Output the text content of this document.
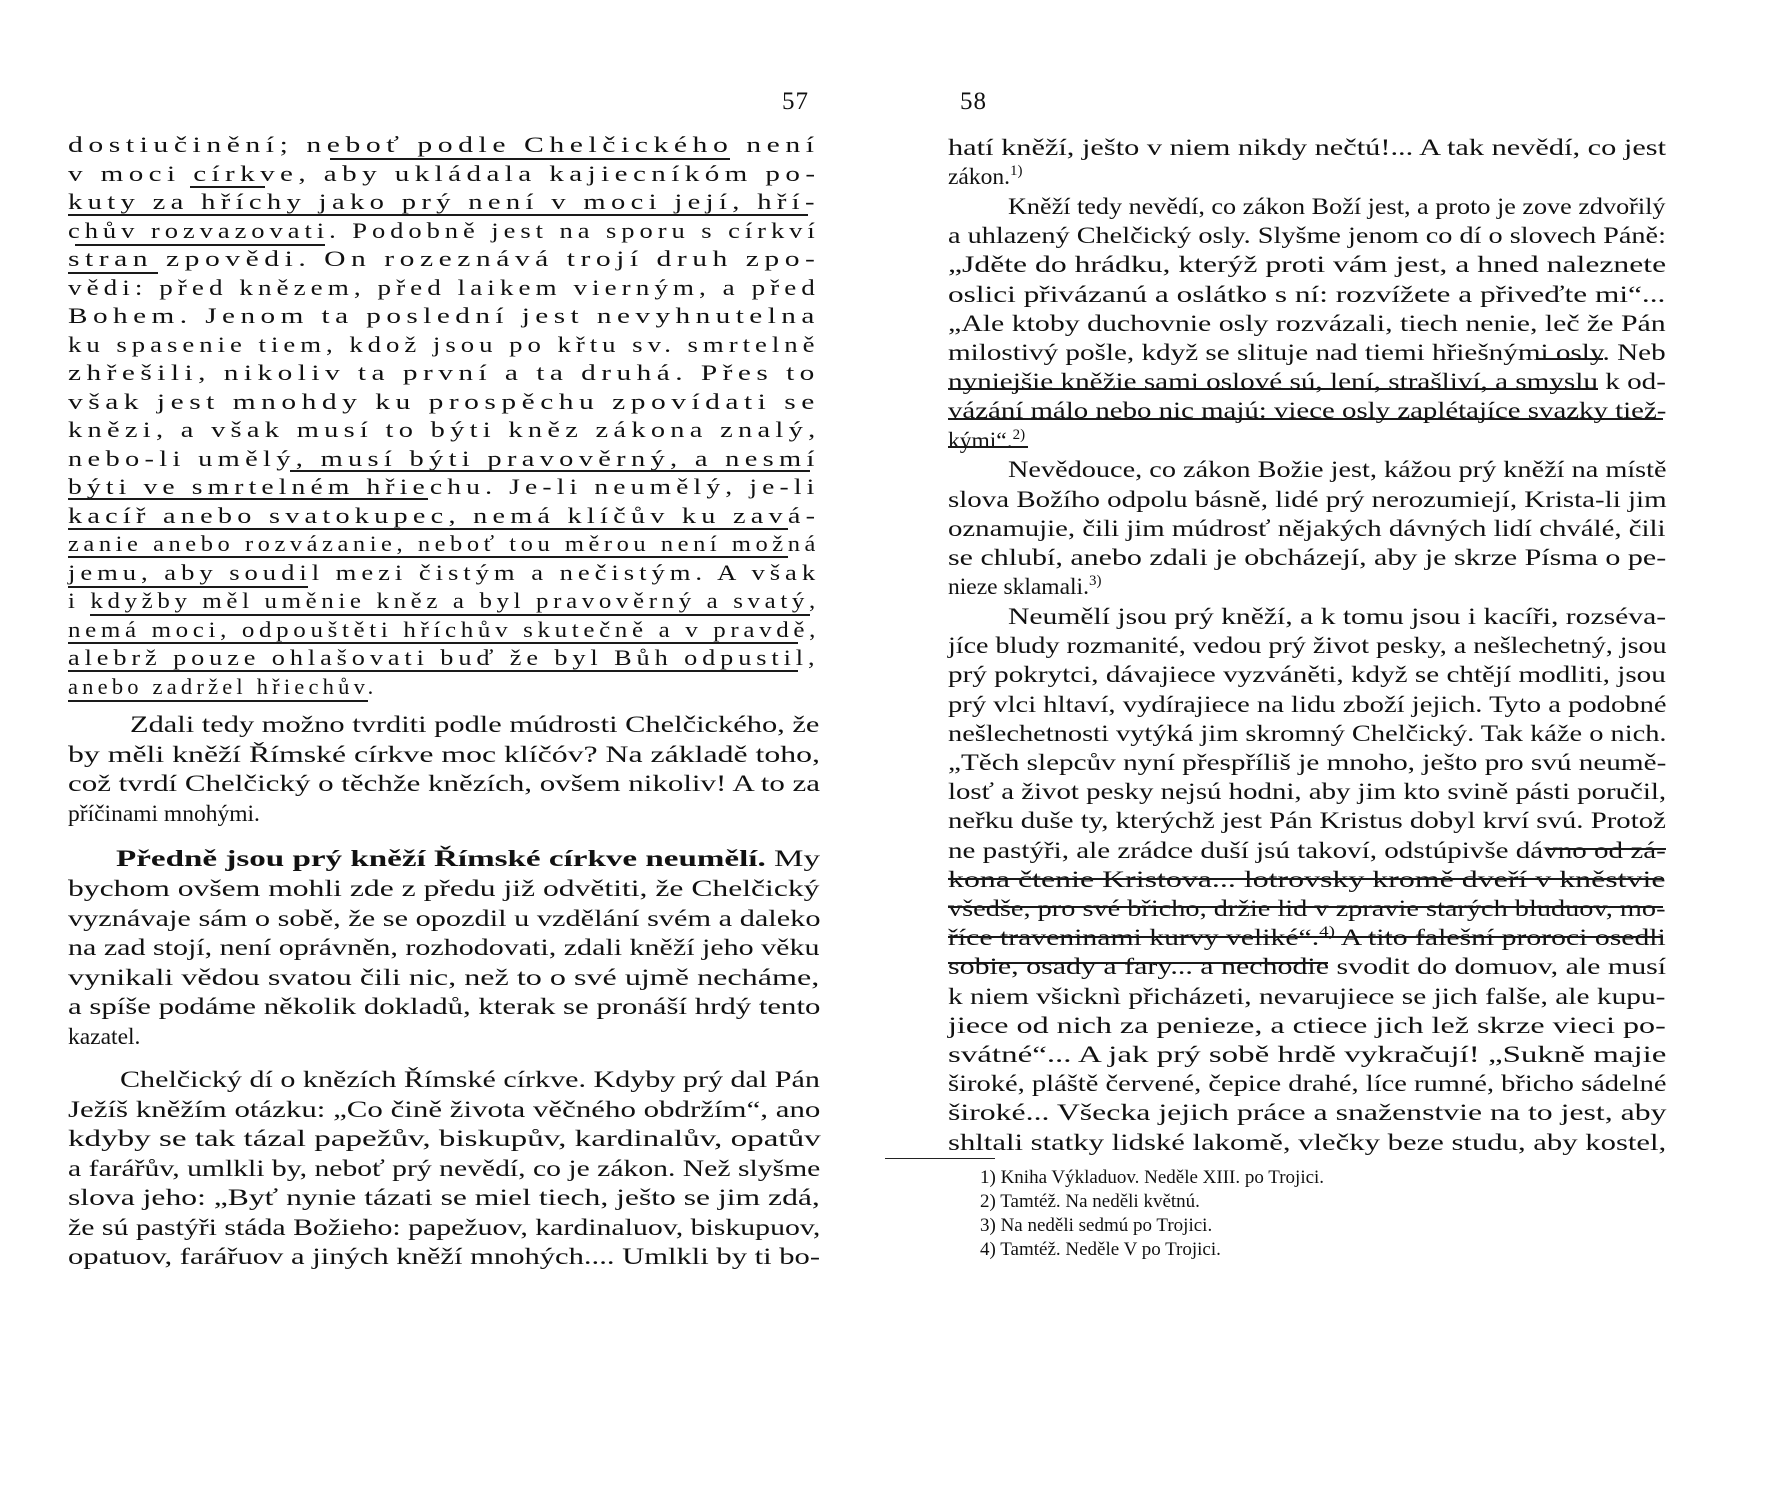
57
dostiučinění; neboť podle Chelčického není
v moci církve, aby ukládala kajiecníkóm po-
kuty za hříchy jako prý není v moci její, hří-
chův rozvazovati. Podobně jest na sporu s církví
stran zpovědi. On rozeznává trojí druh zpo-
vědi: před knězem, před laikem vierným, a před
Bohem. Jenom ta poslední jest nevyhnutelna
ku spasenie tiem, kdož jsou po křtu sv. smrtelně
zhřešili, nikoliv ta první a ta druhá. Přes to
však jest mnohdy ku prospěchu zpovídati se
knězi, a však musí to býti kněz zákona znalý,
nebo-li umělý, musí býti pravověrný, a nesmí
býti ve smrtelném hřiechu. Je-li neumělý, je-li
kacíř anebo svatokupec, nemá klíčův ku zavá-
zanie anebo rozvázanie, neboť tou měrou není možná
jemu, aby soudil mezi čistým a nečistým. A však
i kdyžby měl uměnie kněz a byl pravověrný a svatý,
nemá moci, odpouštěti hříchův skutečně a v pravdě,
alebrž pouze ohlašovati buď že byl Bůh odpustil,
anebo zadržel hřiechův.
Zdali tedy možno tvrditi podle múdrosti Chelčického, že
by měli kněží Římské církve moc klíčóv? Na základě toho,
což tvrdí Chelčický o těchže knězích, ovšem nikoliv! A to za
příčinami mnohými.
Předně jsou prý kněží Římské církve neumělí. My
bychom ovšem mohli zde z předu již odvětiti, že Chelčický
vyznávaje sám o sobě, že se opozdil u vzdělání svém a daleko
na zad stojí, není oprávněn, rozhodovati, zdali kněží jeho věku
vynikali vědou svatou čili nic, než to o své ujmě necháme,
a spíše podáme několik dokladů, kterak se pronáší hrdý tento
kazatel.
Chelčický dí o knězích Římské církve. Kdyby prý dal Pán
Ježíš kněžím otázku: „Co čině života věčného obdržím“, ano
kdyby se tak tázal papežův, biskupův, kardinalův, opatův
a farářův, umlkli by, neboť prý nevědí, co je zákon. Než slyšme
slova jeho: „Byť nynie tázati se miel tiech, ješto se jim zdá,
že sú pastýři stáda Božieho: papežuov, kardinaluov, biskupuov,
opatuov, farářuov a jiných kněží mnohých.... Umlkli by ti bo-
58
hatí kněží, ješto v niem nikdy nečtú!... A tak nevědí, co jest
zákon.$^{1)}$
Kněží tedy nevědí, co zákon Boží jest, a proto je zove zdvořilý
a uhlazený Chelčický osly. Slyšme jenom co dí o slovech Páně:
„Jděte do hrádku, kterýž proti vám jest, a hned naleznete
oslici přivázanú a oslátko s ní: rozvížete a přiveďte mi“...
„Ale ktoby duchovnie osly rozvázali, tiech nenie, leč že Pán
milostivý pošle, když se slituje nad tiemi hřiešnými osly. Neb
nyniejšie kněžie sami oslové sú, lení, strašliví, a smyslu k od-
vázání málo nebo nic majú: viece osly zaplétajíce svazky tiež-
kými“.$^{2)}$
Nevědouce, co zákon Božie jest, kážou prý kněží na místě
slova Božího odpolu básně, lidé prý nerozumiejí, Krista-li jim
oznamujie, čili jim múdrosť nějakých dávných lidí chválé, čili
se chlubí, anebo zdali je obcházejí, aby je skrze Písma o pe-
nieze sklamali.$^{3)}$
Neumělí jsou prý kněží, a k tomu jsou i kacíři, rozséva-
jíce bludy rozmanité, vedou prý život pesky, a nešlechetný, jsou
prý pokrytci, dávajiece vyzváněti, když se chtějí modliti, jsou
prý vlci hltaví, vydírajiece na lidu zboží jejich. Tyto a podobné
nešlechetnosti vytýká jim skromný Chelčický. Tak káže o nich.
„Těch slepcův nyní přespříliš je mnoho, ješto pro svú neumě-
losť a život pesky nejsú hodni, aby jim kto svině pásti poručil,
neřku duše ty, kterýchž jest Pán Kristus dobyl krví svú. Protož
ne pastýři, ale zrádce duší jsú takoví, odstúpivše dávno od zá-
kona čtenie Kristova... lotrovsky kromě dveří v kněstvie
všedše, pro své břicho, držie lid v zpravie starých bluduov, mo-
říce traveninami kurvy veliké“.$^{4)}$ A tito falešní proroci osedli
sobie, osady a fary... a nechodie svodit do domuov, ale musí
k niem všicknì přicházeti, nevarujiece se jich falše, ale kupu-
jiece od nich za penieze, a ctiece jich lež skrze vieci po-
svátné“... A jak prý sobě hrdě vykračují! „Sukně majie
široké, pláště červené, čepice drahé, líce rumné, břicho sádelné
široké... Všecka jejich práce a snaženstvie na to jest, aby
shltali statky lidské lakomě, vlečky beze studu, aby kostel,
1) Kniha Výkladuov. Neděle XIII. po Trojici.
2) Tamtéž. Na neděli květnú.
3) Na neděli sedmú po Trojici.
4) Tamtéž. Neděle V po Trojici.
